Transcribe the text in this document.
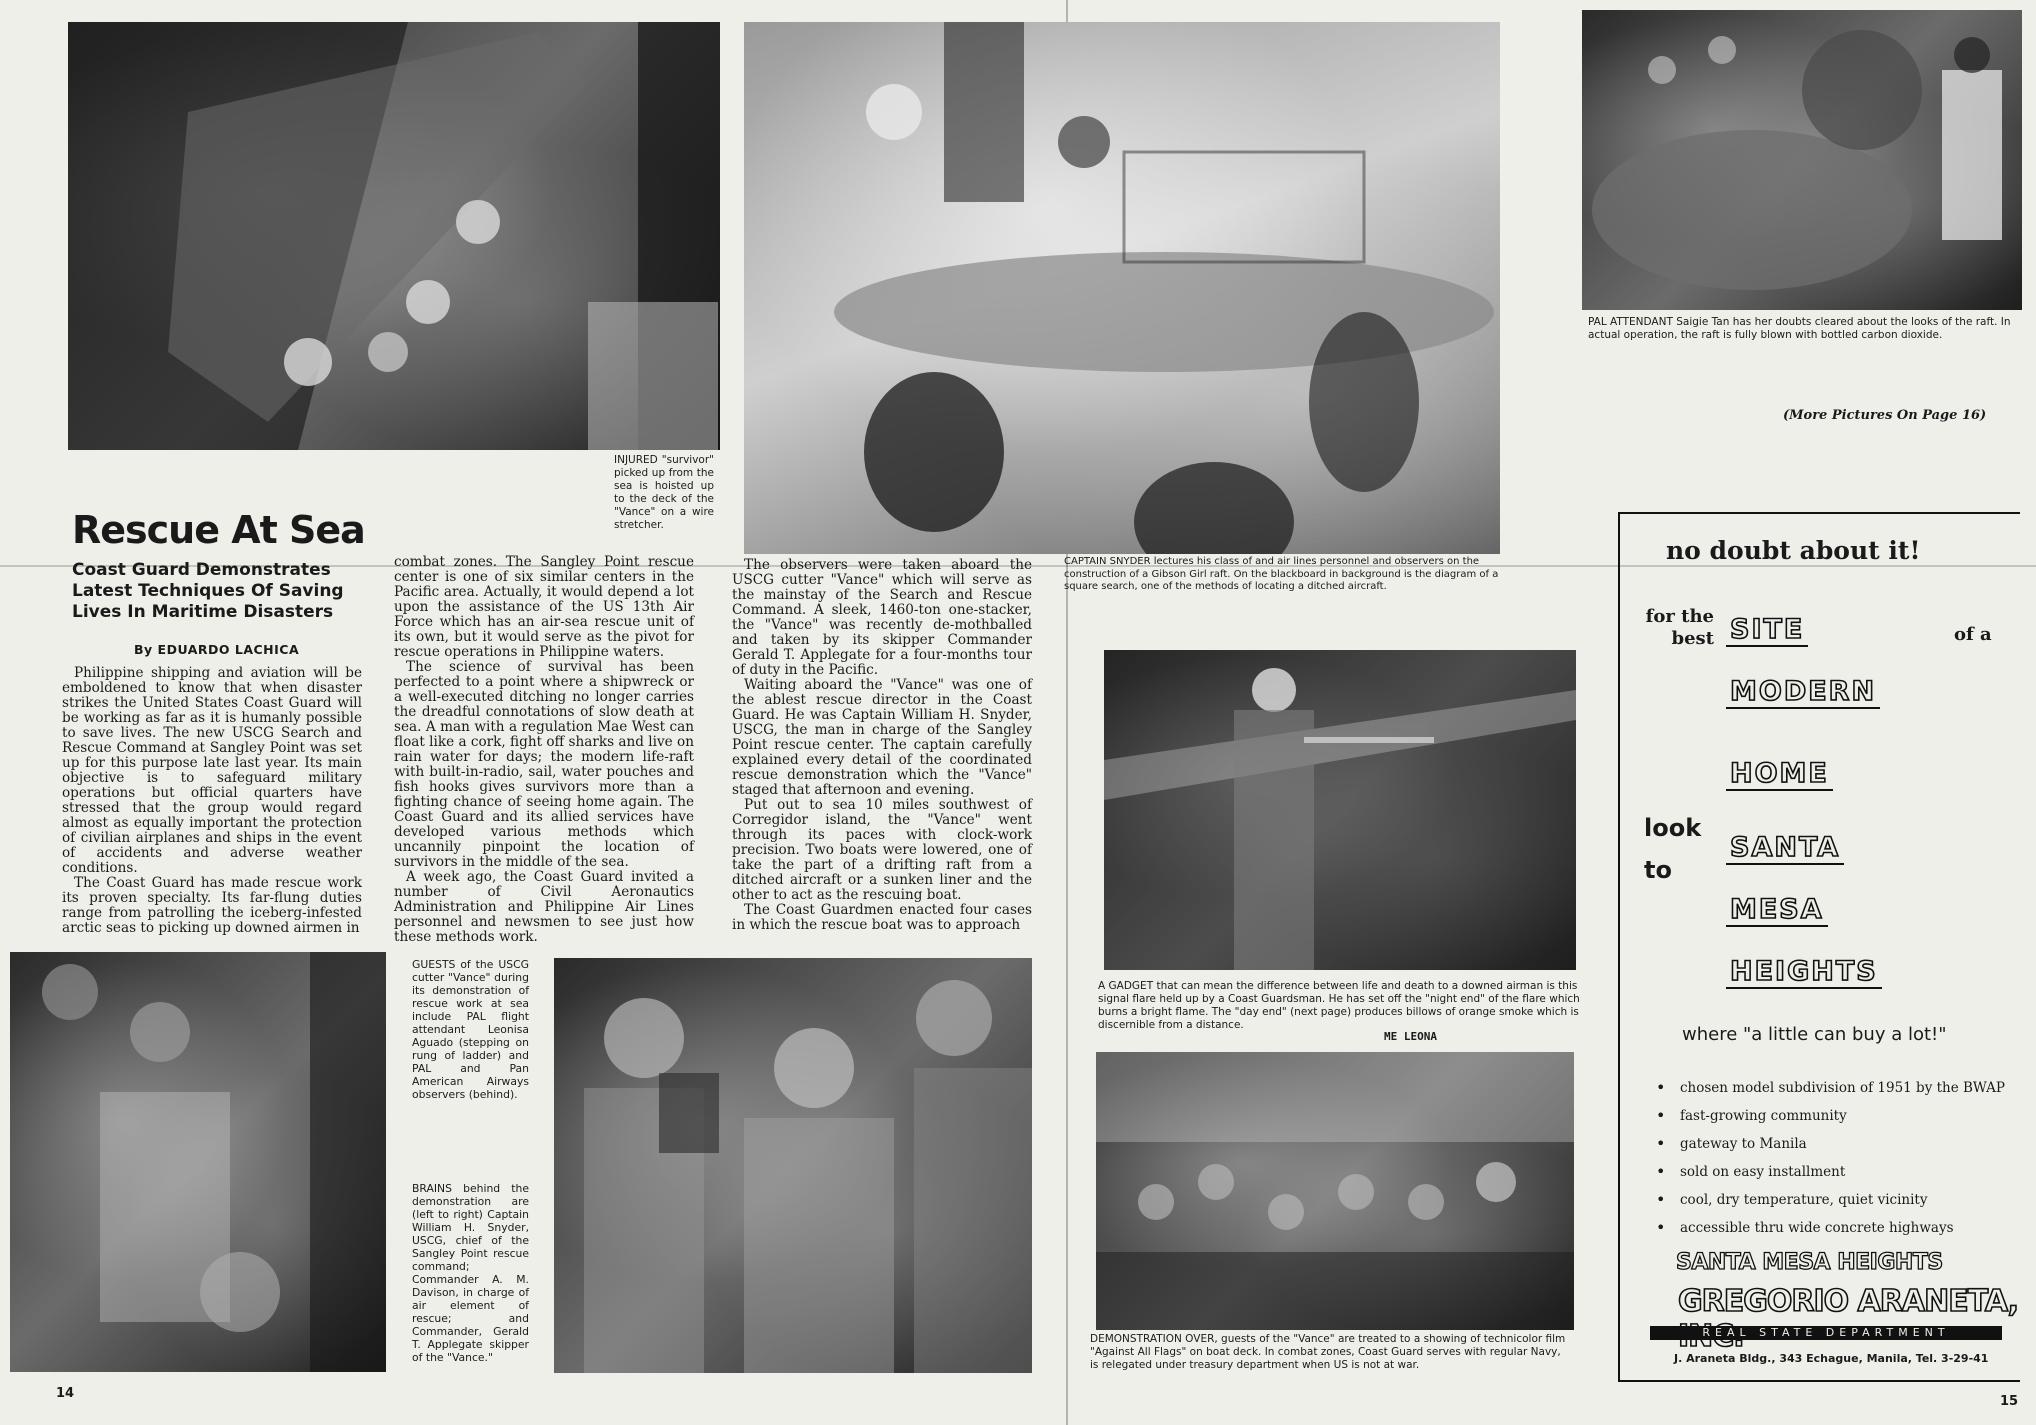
INJURED "survivor" picked up from the sea is hoisted up to the deck of the "Vance" on a wire stretcher.
Rescue At Sea
Coast Guard Demonstrates
Latest Techniques Of Saving
Lives In Maritime Disasters
By EDUARDO LACHICA

Philippine shipping and aviation will be emboldened to know that when disaster strikes the United States Coast Guard will be working as far as it is humanly possible to save lives. The new USCG Search and Rescue Command at Sangley Point was set up for this purpose late last year. Its main objective is to safeguard military operations but official quarters have stressed that the group would regard almost as equally important the protection of civilian airplanes and ships in the event of accidents and adverse weather conditions.

The Coast Guard has made rescue work its proven specialty. Its far-flung duties range from patrolling the iceberg-infested arctic seas to picking up downed airmen in

combat zones. The Sangley Point rescue center is one of six similar centers in the Pacific area. Actually, it would depend a lot upon the assistance of the US 13th Air Force which has an air-sea rescue unit of its own, but it would serve as the pivot for rescue operations in Philippine waters.

The science of survival has been perfected to a point where a shipwreck or a well-executed ditching no longer carries the dreadful connotations of slow death at sea. A man with a regulation Mae West can float like a cork, fight off sharks and live on rain water for days; the modern life-raft with built-in-radio, sail, water pouches and fish hooks gives survivors more than a fighting chance of seeing home again. The Coast Guard and its allied services have developed various methods which uncannily pinpoint the location of survivors in the middle of the sea.

A week ago, the Coast Guard invited a number of Civil Aeronautics Administration and Philippine Air Lines personnel and newsmen to see just how these methods work.

The observers were taken aboard the USCG cutter "Vance" which will serve as the mainstay of the Search and Rescue Command. A sleek, 1460-ton one-stacker, the "Vance" was recently de-mothballed and taken by its skipper Commander Gerald T. Applegate for a four-months tour of duty in the Pacific.

Waiting aboard the "Vance" was one of the ablest rescue director in the Coast Guard. He was Captain William H. Snyder, USCG, the man in charge of the Sangley Point rescue center. The captain carefully explained every detail of the coordinated rescue demonstration which the "Vance" staged that afternoon and evening.

Put out to sea 10 miles southwest of Corregidor island, the "Vance" went through its paces with clock-work precision. Two boats were lowered, one of take the part of a drifting raft from a ditched aircraft or a sunken liner and the other to act as the rescuing boat.

The Coast Guardmen enacted four cases in which the rescue boat was to approach

GUESTS of the USCG cutter "Vance" during its demonstration of rescue work at sea include PAL flight attendant Leonisa Aguado (stepping on rung of ladder) and PAL and Pan American Airways observers (behind).
BRAINS behind the demonstration are (left to right) Captain William H. Snyder, USCG, chief of the Sangley Point rescue command; Commander A. M. Davison, in charge of air element of rescue; and Commander, Gerald T. Applegate skipper of the "Vance."
14
CAPTAIN SNYDER lectures his class of and air lines personnel and observers on the construction of a Gibson Girl raft. On the blackboard in background is the diagram of a square search, one of the methods of locating a ditched aircraft.
A GADGET that can mean the difference between life and death to a downed airman is this signal flare held up by a Coast Guardsman. He has set off the "night end" of the flare which burns a bright flame. The "day end" (next page) produces billows of orange smoke which is discernible from a distance.
ME LEONA
DEMONSTRATION OVER, guests of the "Vance" are treated to a showing of technicolor film "Against All Flags" on boat deck. In combat zones, Coast Guard serves with regular Navy, is relegated under treasury department when US is not at war.
PAL ATTENDANT Saigie Tan has her doubts cleared about the looks of the raft. In actual operation, the raft is fully blown with bottled carbon dioxide.
(More Pictures On Page 16)
no doubt about it!
for the best SITE	of a
MODERN
HOME
look
to
SANTA
MESA
HEIGHTS
where "a little can buy a lot!"
• chosen model subdivision of 1951 by the BWAP
• fast-growing community
• gateway to Manila
• sold on easy installment
• cool, dry temperature, quiet vicinity
• accessible thru wide concrete highways
SANTA MESA HEIGHTS
GREGORIO ARANETA,
REAL STATE DEPARTMENT
J. Araneta Bldg., 343 Echague, Manila, Tel. 3-29-41
15
